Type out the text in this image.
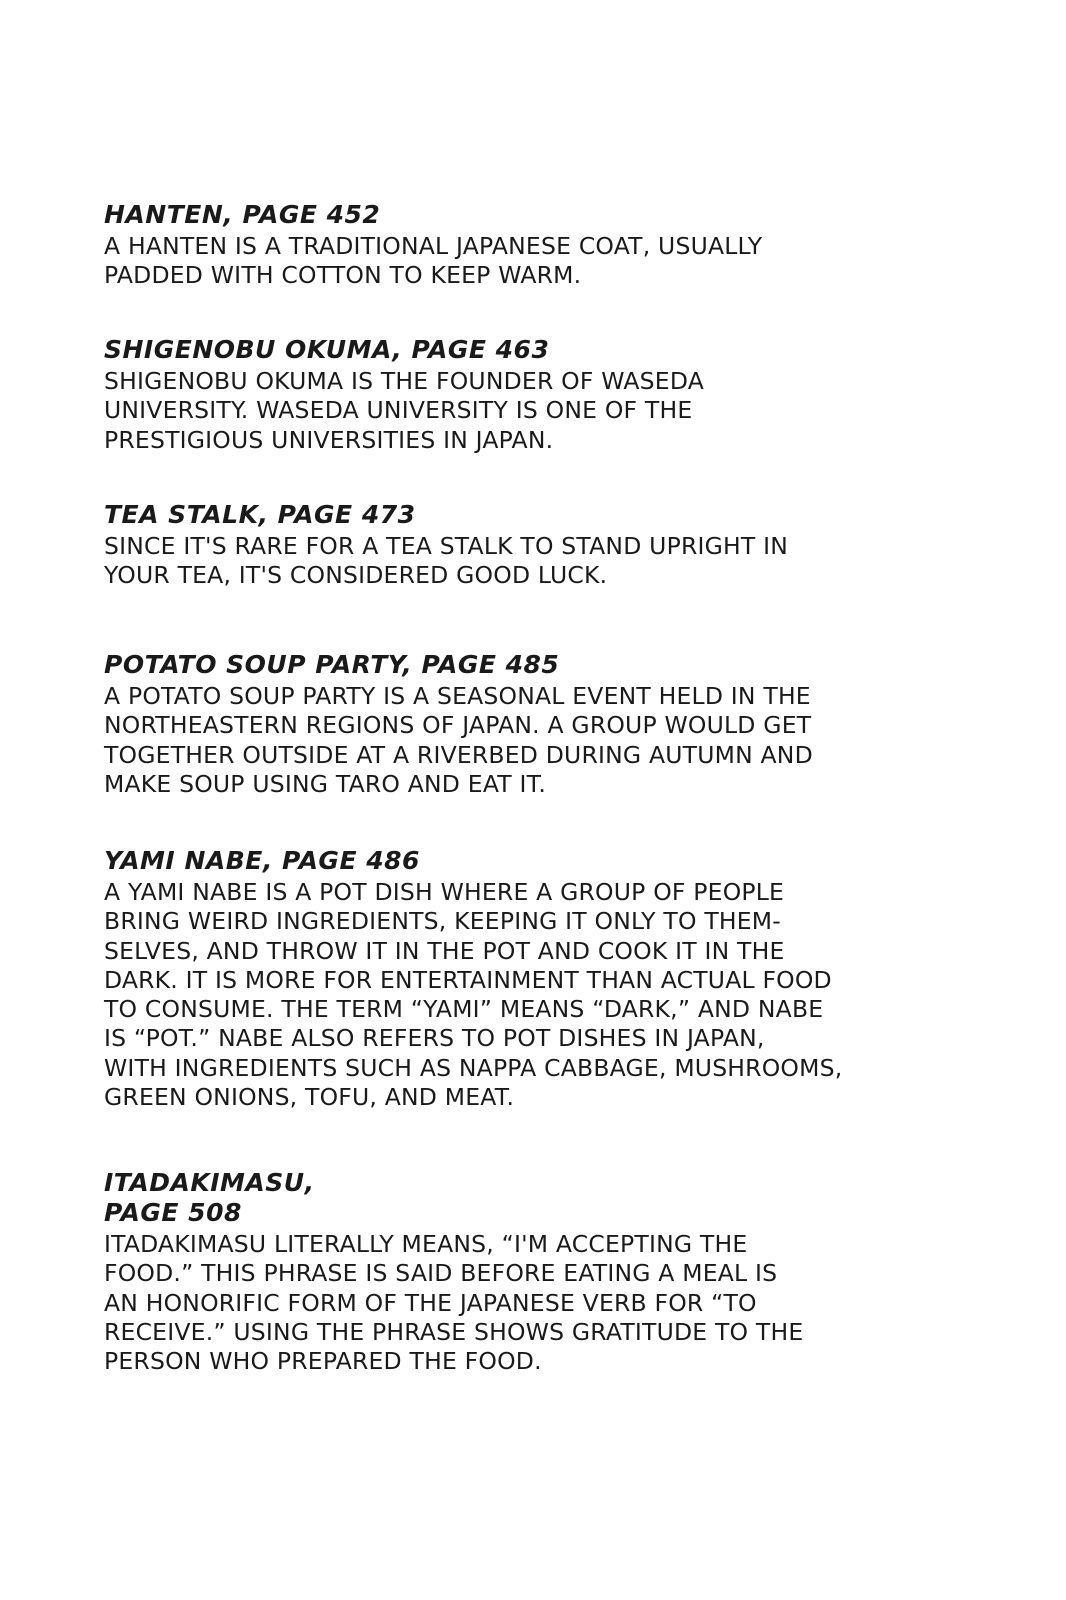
HANTEN, PAGE 452

A HANTEN IS A TRADITIONAL JAPANESE COAT, USUALLY
PADDED WITH COTTON TO KEEP WARM.

SHIGENOBU OKUMA, PAGE 463

SHIGENOBU OKUMA IS THE FOUNDER OF WASEDA
UNIVERSITY. WASEDA UNIVERSITY IS ONE OF THE
PRESTIGIOUS UNIVERSITIES IN JAPAN.

TEA STALK, PAGE 473

SINCE IT'S RARE FOR A TEA STALK TO STAND UPRIGHT IN
YOUR TEA, IT'S CONSIDERED GOOD LUCK.

POTATO SOUP PARTY, PAGE 485

A POTATO SOUP PARTY IS A SEASONAL EVENT HELD IN THE
NORTHEASTERN REGIONS OF JAPAN. A GROUP WOULD GET
TOGETHER OUTSIDE AT A RIVERBED DURING AUTUMN AND
MAKE SOUP USING TARO AND EAT IT.

YAMI NABE, PAGE 486

A YAMI NABE IS A POT DISH WHERE A GROUP OF PEOPLE
BRING WEIRD INGREDIENTS, KEEPING IT ONLY TO THEM-
SELVES, AND THROW IT IN THE POT AND COOK IT IN THE
DARK. IT IS MORE FOR ENTERTAINMENT THAN ACTUAL FOOD
TO CONSUME. THE TERM “YAMI” MEANS “DARK,” AND NABE
IS “POT.” NABE ALSO REFERS TO POT DISHES IN JAPAN,
WITH INGREDIENTS SUCH AS NAPPA CABBAGE, MUSHROOMS,
GREEN ONIONS, TOFU, AND MEAT.

ITADAKIMASU,
PAGE 508

ITADAKIMASU LITERALLY MEANS, “I'M ACCEPTING THE
FOOD.” THIS PHRASE IS SAID BEFORE EATING A MEAL IS
AN HONORIFIC FORM OF THE JAPANESE VERB FOR “TO
RECEIVE.” USING THE PHRASE SHOWS GRATITUDE TO THE
PERSON WHO PREPARED THE FOOD.
